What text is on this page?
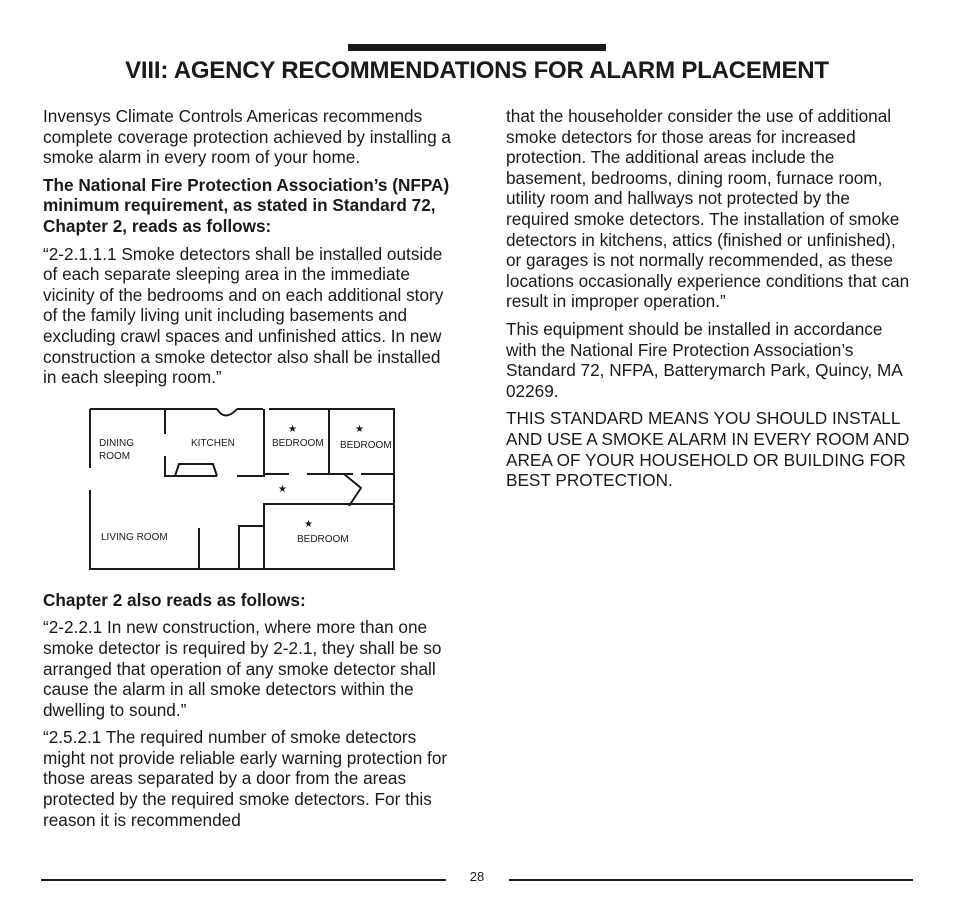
VIII: AGENCY RECOMMENDATIONS FOR ALARM PLACEMENT

Invensys Climate Controls Americas recommends complete coverage protection achieved by installing a smoke alarm in every room of your home.

The National Fire Protection Association’s (NFPA) minimum requirement, as stated in Standard 72, Chapter 2, reads as follows:

“2-2.1.1.1 Smoke detectors shall be installed outside of each separate sleeping area in the immediate vicinity of the bedrooms and on each additional story of the family living unit including basements and excluding crawl spaces and unfinished attics. In new construction a smoke detector also shall be installed in each sleeping room.”

DINING
ROOM
KITCHEN	BEDROOM BEDROOM
BEDROOM
LIVING ROOM
★	★
★
★

Chapter 2 also reads as follows:

“2-2.2.1 In new construction, where more than one smoke detector is required by 2-2.1, they shall be so arranged that operation of any smoke detector shall cause the alarm in all smoke detectors within the dwelling to sound.”

“2.5.2.1 The required number of smoke detectors might not provide reliable early warning protection for those areas separated by a door from the areas protected by the required smoke detectors. For this reason it is recommended

that the householder consider the use of additional smoke detectors for those areas for increased protection. The additional areas include the basement, bedrooms, dining room, furnace room, utility room and hallways not protected by the required smoke detectors. The installation of smoke detectors in kitchens, attics (finished or unfinished), or garages is not normally recommended, as these locations occasionally experience conditions that can result in improper operation.”

This equipment should be installed in accordance with the National Fire Protection Association’s Standard 72, NFPA, Batterymarch Park, Quincy, MA 02269.

THIS STANDARD MEANS YOU SHOULD INSTALL AND USE A SMOKE ALARM IN EVERY ROOM AND AREA OF YOUR HOUSEHOLD OR BUILDING FOR BEST PROTECTION.

28
